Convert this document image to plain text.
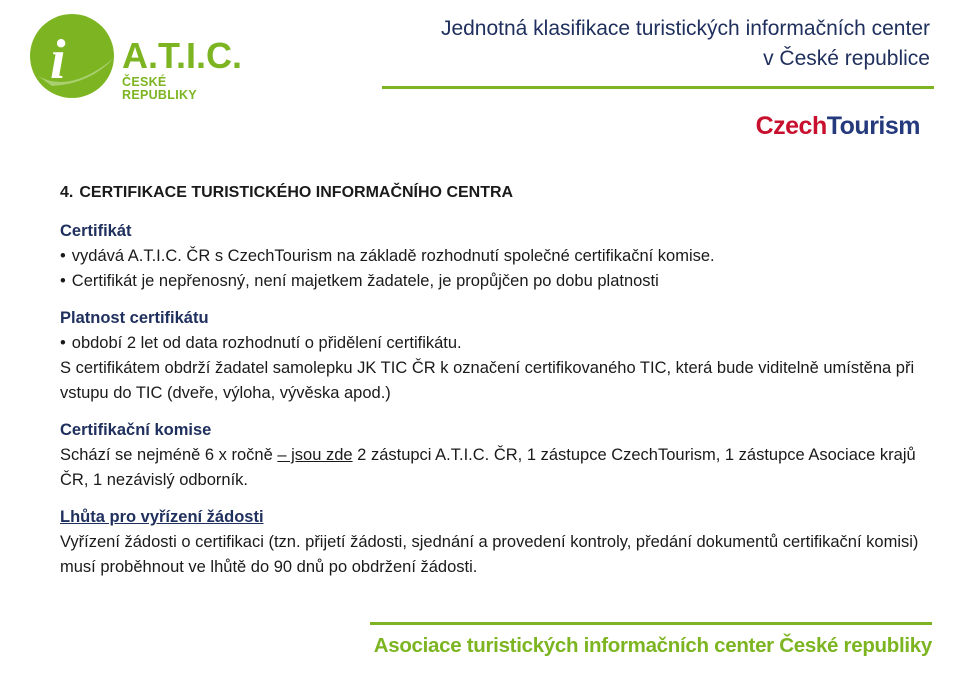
i A.T.I.C.
ČESKÉ REPUBLIKY
Jednotná klasifikace turistických informačních center
v České republice
CzechTourism
4. CERTIFIKACE TURISTICKÉHO INFORMAČNÍHO CENTRA
Certifikát
• vydává A.T.I.C. ČR s CzechTourism na základě rozhodnutí společné certifikační komise.
• Certifikát je nepřenosný, není majetkem žadatele, je propůjčen po dobu platnosti
Platnost certifikátu
• období 2 let od data rozhodnutí o přidělení certifikátu.
S certifikátem obdrží žadatel samolepku JK TIC ČR k označení certifikovaného TIC, která bude viditelně umístěna při vstupu do TIC (dveře, výloha, vývěska apod.)
Certifikační komise
Schází se nejméně 6 x ročně – jsou zde 2 zástupci A.T.I.C. ČR, 1 zástupce CzechTourism, 1 zástupce Asociace krajů ČR, 1 nezávislý odborník.
Lhůta pro vyřízení žádosti
Vyřízení žádosti o certifikaci (tzn. přijetí žádosti, sjednání a provedení kontroly, předání dokumentů certifikační komisi) musí proběhnout ve lhůtě do 90 dnů po obdržení žádosti.
Asociace turistických informačních center České republiky
